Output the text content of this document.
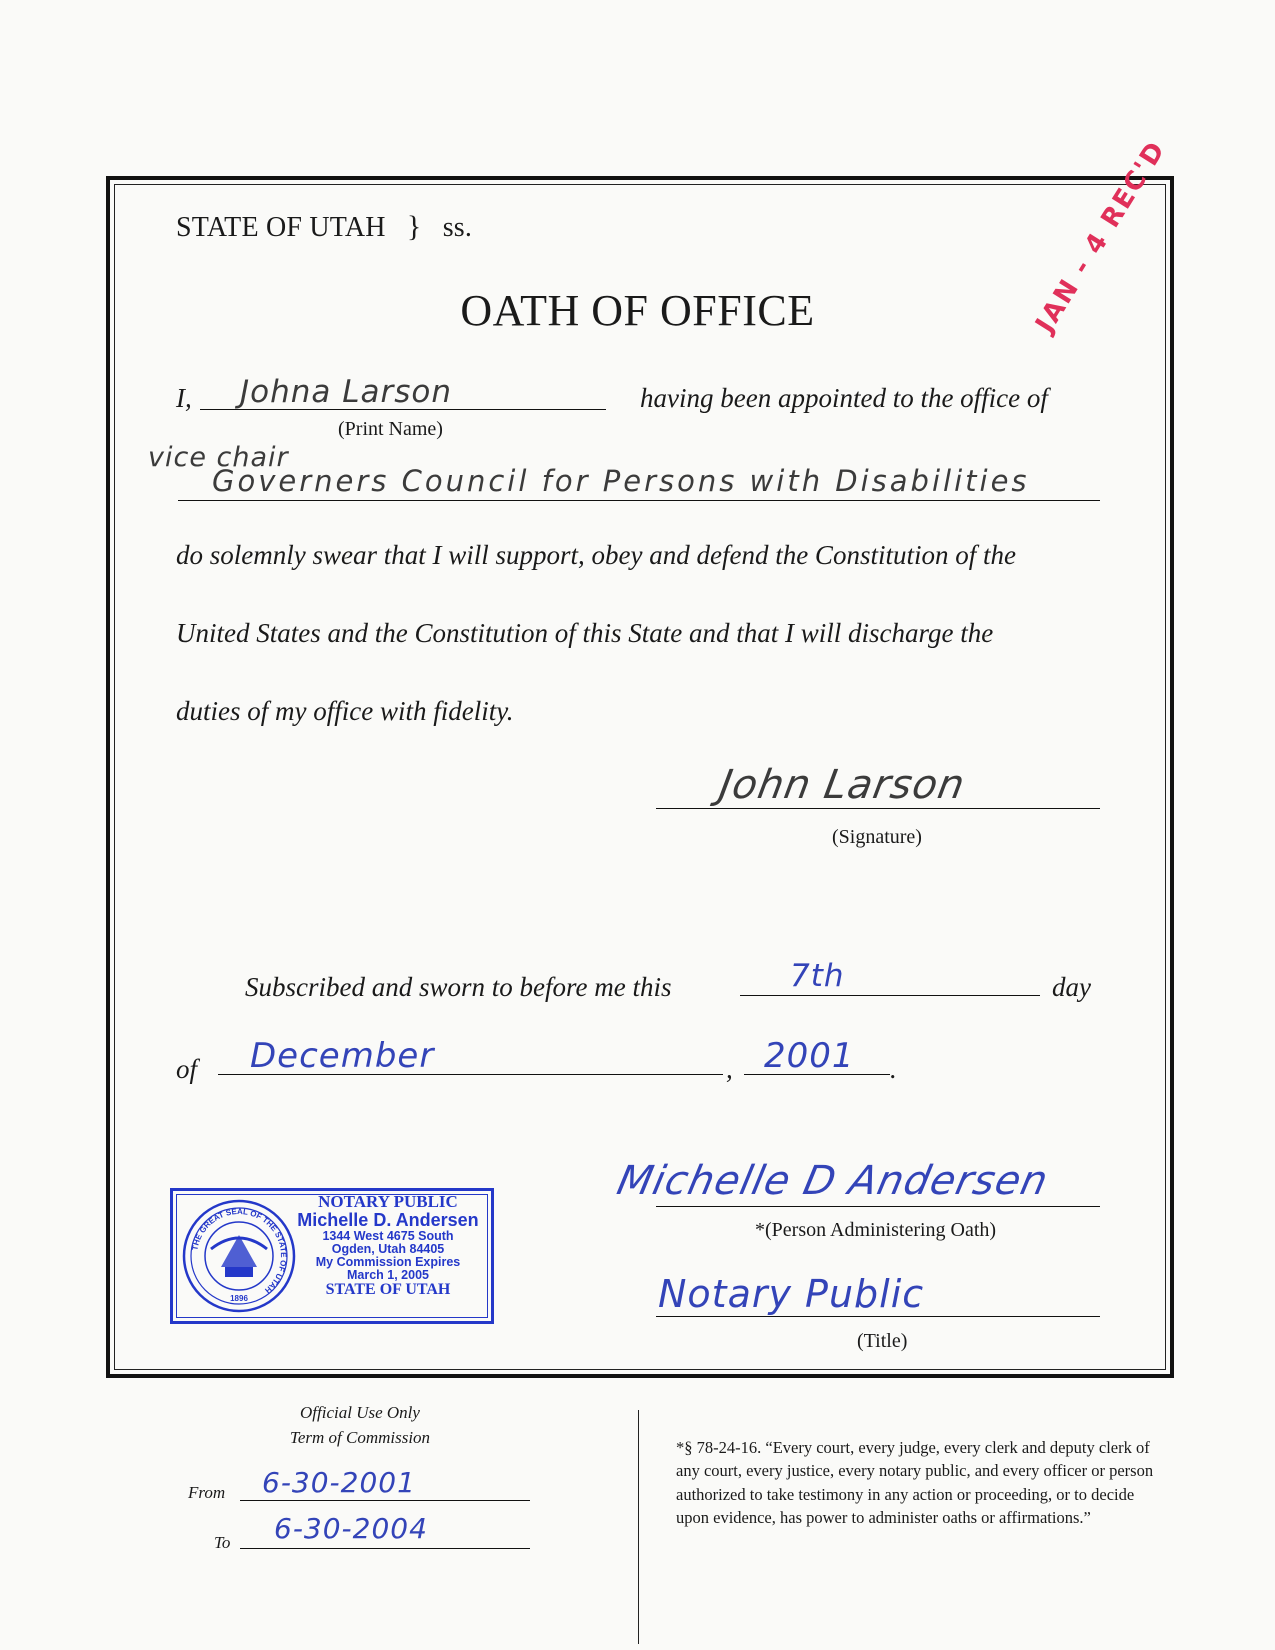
STATE OF UTAH } ss.	JAN - 4 REC'D
OATH OF OFFICE
I, Johna Larson
(Print Name)
having been appointed to the office of
vice chair
Governers Council for Persons with Disabilities
do solemnly swear that I will support, obey and defend the Constitution of the
United States and the Constitution of this State and that I will discharge the
duties of my office with fidelity.
John Larson
(Signature)
Subscribed and sworn to before me this	7th	day
of December	, 2001 .
Michelle D Andersen
*(Person Administering Oath)
Notary Public
(Title)
THE GREAT SEAL OF THE STATE OF UTAH
1896
NOTARY PUBLIC
Michelle D. Andersen
1344 West 4675 South
Ogden, Utah 84405
My Commission Expires
March 1, 2005
STATE OF UTAH
Official Use Only
Term of Commission
From 6-30-2001
To 6-30-2004
*§ 78-24-16. “Every court, every judge, every clerk and deputy clerk of any court, every justice, every notary public, and every officer or person authorized to take testimony in any action or proceeding, or to decide upon evidence, has power to administer oaths or affirmations.”
